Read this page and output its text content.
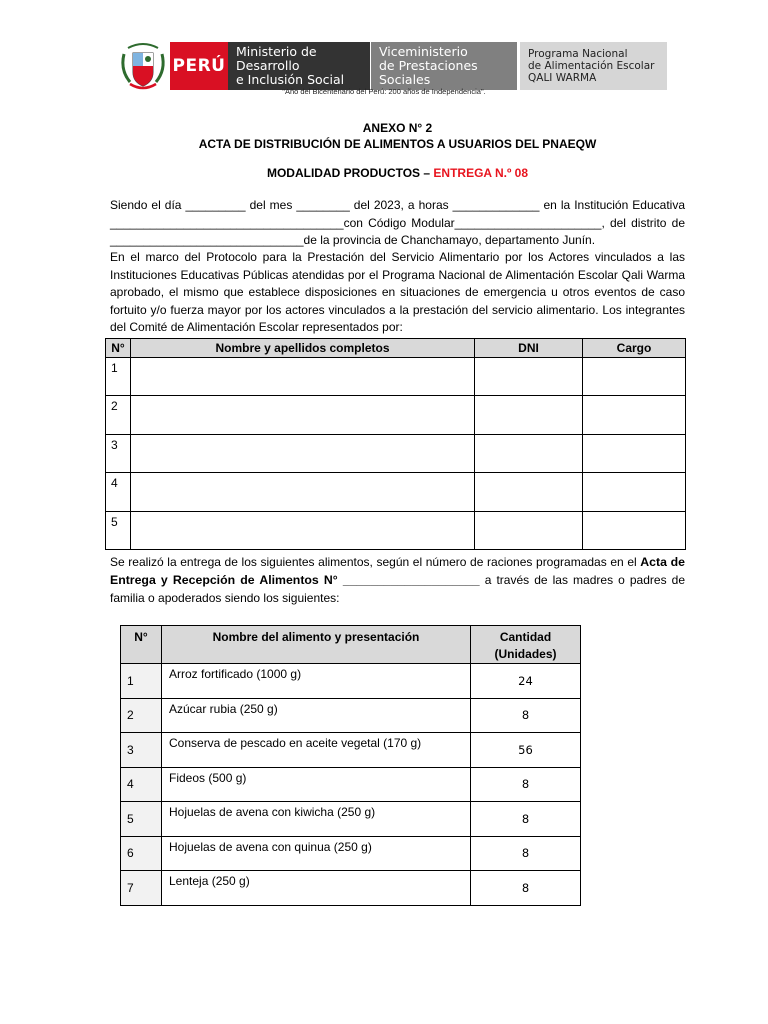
PERÚ
Ministerio de Desarrollo
e Inclusión Social
Viceministerio
de Prestaciones Sociales
Programa Nacional
de Alimentación Escolar
QALI WARMA
"Año del Bicentenario del Perú: 200 años de Independencia".
ANEXO N° 2
ACTA DE DISTRIBUCIÓN DE ALIMENTOS A USUARIOS DEL PNAEQW
MODALIDAD PRODUCTOS – ENTREGA N.º 08
Siendo el día _________ del mes ________ del 2023, a horas _____________ en la Institución Educativa ___________________________________con Código Modular______________________, del distrito de _____________________________de la provincia de Chanchamayo, departamento Junín.
En el marco del Protocolo para la Prestación del Servicio Alimentario por los Actores vinculados a las Instituciones Educativas Públicas atendidas por el Programa Nacional de Alimentación Escolar Qali Warma aprobado, el mismo que establece disposiciones en situaciones de emergencia u otros eventos de caso fortuito y/o fuerza mayor por los actores vinculados a la prestación del servicio alimentario. Los integrantes del Comité de Alimentación Escolar representados por:
N°	Nombre y apellidos completos	DNI	Cargo
1			
2			
3			
4			
5			
Se realizó la entrega de los siguientes alimentos, según el número de raciones programadas en el Acta de Entrega y Recepción de Alimentos N° ____________________ a través de las madres o padres de familia o apoderados siendo los siguientes:
N°	Nombre del alimento y presentación	Cantidad
(Unidades)
1	Arroz fortificado (1000 g)	24
2	Azúcar rubia (250 g)	8
3	Conserva de pescado en aceite vegetal (170 g)	56
4	Fideos (500 g)	8
5	Hojuelas de avena con kiwicha (250 g)	8
6	Hojuelas de avena con quinua (250 g)	8
7	Lenteja (250 g)	8
